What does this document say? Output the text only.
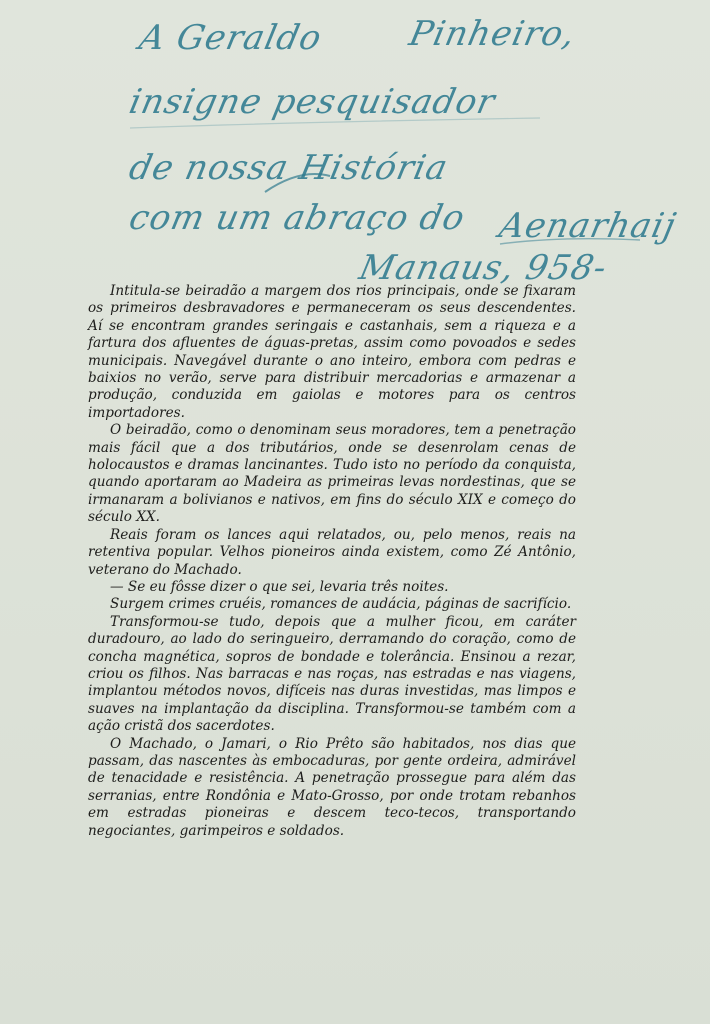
A Geraldo Pinheiro,
insigne pesquisador
de nossa História
com um abraço do Aenarhaij
Manaus, 958-

Intitula-se beiradão a margem dos rios principais, onde se fixaram os primeiros desbravadores e permaneceram os seus descendentes. Aí se encontram grandes seringais e castanhais, sem a riqueza e a fartura dos afluentes de águas-pretas, assim como povoados e sedes municipais. Navegável durante o ano inteiro, embora com pedras e baixios no verão, serve para distribuir mercadorias e armazenar a produção, conduzida em gaiolas e motores para os centros importadores.

O beiradão, como o denominam seus moradores, tem a penetração mais fácil que a dos tributários, onde se desenrolam cenas de holocaustos e dramas lancinantes. Tudo isto no período da conquista, quando aportaram ao Madeira as primeiras levas nordestinas, que se irmanaram a bolivianos e nativos, em fins do século XIX e começo do século XX.

Reais foram os lances aqui relatados, ou, pelo menos, reais na retentiva popular. Velhos pioneiros ainda existem, como Zé Antônio, veterano do Machado.

— Se eu fôsse dizer o que sei, levaria três noites.

Surgem crimes cruéis, romances de audácia, páginas de sacrifício.

Transformou-se tudo, depois que a mulher ficou, em caráter duradouro, ao lado do seringueiro, derramando do coração, como de concha magnética, sopros de bondade e tolerância. Ensinou a rezar, criou os filhos. Nas barracas e nas roças, nas estradas e nas viagens, implantou métodos novos, difíceis nas duras investidas, mas limpos e suaves na implantação da disciplina. Transformou-se também com a ação cristã dos sacerdotes.

O Machado, o Jamari, o Rio Prêto são habitados, nos dias que passam, das nascentes às embocaduras, por gente ordeira, admirável de tenacidade e resistência. A penetração prossegue para além das serranias, entre Rondônia e Mato-Grosso, por onde trotam rebanhos em estradas pioneiras e descem teco-tecos, transportando negociantes, garimpeiros e soldados.
